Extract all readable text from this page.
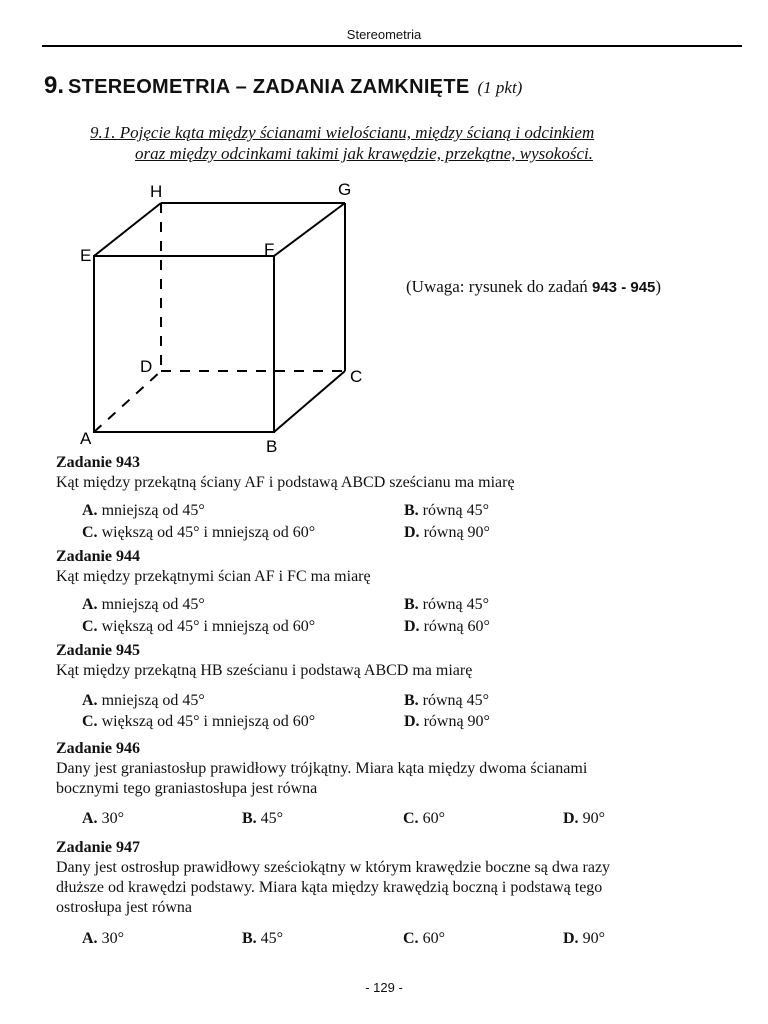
Stereometria
9. STEREOMETRIA – ZADANIA ZAMKNIĘTE (1 pkt)
9.1. Pojęcie kąta między ścianami wielościanu, między ścianą i odcinkiem
oraz między odcinkami takimi jak krawędzie, przekątne, wysokości.
H	G
E	F
D
C
A	B
(Uwaga: rysunek do zadań 943 - 945)
Zadanie 943
Kąt między przekątną ściany AF i podstawą ABCD sześcianu ma miarę
A. mniejszą od 45°	B. równą 45°
C. większą od 45° i mniejszą od 60°	D. równą 90°
Zadanie 944
Kąt między przekątnymi ścian AF i FC ma miarę
A. mniejszą od 45°	B. równą 45°
C. większą od 45° i mniejszą od 60°	D. równą 60°
Zadanie 945
Kąt między przekątną HB sześcianu i podstawą ABCD ma miarę
A. mniejszą od 45°	B. równą 45°
C. większą od 45° i mniejszą od 60°	D. równą 90°
Zadanie 946
Dany jest graniastosłup prawidłowy trójkątny. Miara kąta między dwoma ścianami
bocznymi tego graniastosłupa jest równa
A. 30°	B. 45°	C. 60°	D. 90°
Zadanie 947
Dany jest ostrosłup prawidłowy sześciokątny w którym krawędzie boczne są dwa razy
dłuższe od krawędzi podstawy. Miara kąta między krawędzią boczną i podstawą tego
ostrosłupa jest równa
A. 30°	B. 45°	C. 60°	D. 90°
- 129 -
